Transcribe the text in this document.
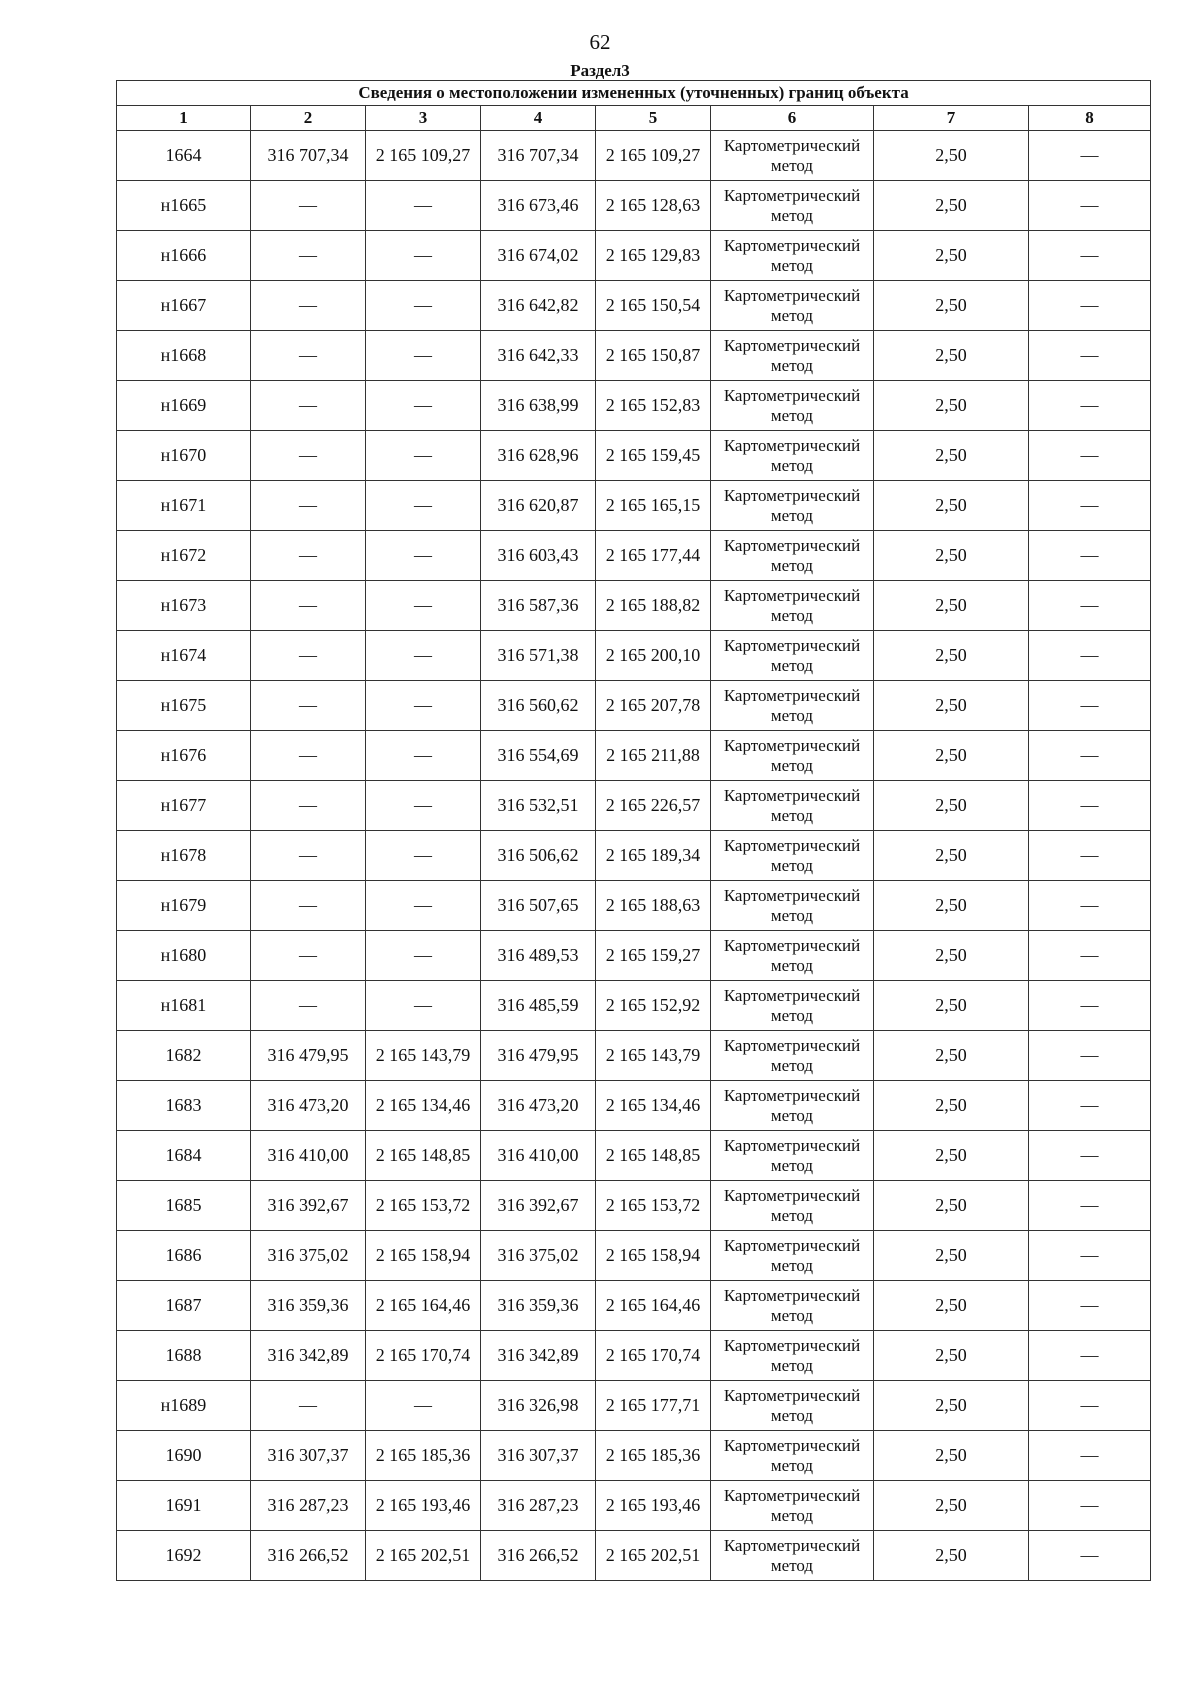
62
Раздел3
Сведения о местоположении измененных (уточненных) границ объекта							
1	2	3	4	5	6	7	8
1664	316 707,34	2 165 109,27	316 707,34	2 165 109,27	Картометрический метод	2,50	—
н1665	—	—	316 673,46	2 165 128,63	Картометрический метод	2,50	—
н1666	—	—	316 674,02	2 165 129,83	Картометрический метод	2,50	—
н1667	—	—	316 642,82	2 165 150,54	Картометрический метод	2,50	—
н1668	—	—	316 642,33	2 165 150,87	Картометрический метод	2,50	—
н1669	—	—	316 638,99	2 165 152,83	Картометрический метод	2,50	—
н1670	—	—	316 628,96	2 165 159,45	Картометрический метод	2,50	—
н1671	—	—	316 620,87	2 165 165,15	Картометрический метод	2,50	—
н1672	—	—	316 603,43	2 165 177,44	Картометрический метод	2,50	—
н1673	—	—	316 587,36	2 165 188,82	Картометрический метод	2,50	—
н1674	—	—	316 571,38	2 165 200,10	Картометрический метод	2,50	—
н1675	—	—	316 560,62	2 165 207,78	Картометрический метод	2,50	—
н1676	—	—	316 554,69	2 165 211,88	Картометрический метод	2,50	—
н1677	—	—	316 532,51	2 165 226,57	Картометрический метод	2,50	—
н1678	—	—	316 506,62	2 165 189,34	Картометрический метод	2,50	—
н1679	—	—	316 507,65	2 165 188,63	Картометрический метод	2,50	—
н1680	—	—	316 489,53	2 165 159,27	Картометрический метод	2,50	—
н1681	—	—	316 485,59	2 165 152,92	Картометрический метод	2,50	—
1682	316 479,95	2 165 143,79	316 479,95	2 165 143,79	Картометрический метод	2,50	—
1683	316 473,20	2 165 134,46	316 473,20	2 165 134,46	Картометрический метод	2,50	—
1684	316 410,00	2 165 148,85	316 410,00	2 165 148,85	Картометрический метод	2,50	—
1685	316 392,67	2 165 153,72	316 392,67	2 165 153,72	Картометрический метод	2,50	—
1686	316 375,02	2 165 158,94	316 375,02	2 165 158,94	Картометрический метод	2,50	—
1687	316 359,36	2 165 164,46	316 359,36	2 165 164,46	Картометрический метод	2,50	—
1688	316 342,89	2 165 170,74	316 342,89	2 165 170,74	Картометрический метод	2,50	—
н1689	—	—	316 326,98	2 165 177,71	Картометрический метод	2,50	—
1690	316 307,37	2 165 185,36	316 307,37	2 165 185,36	Картометрический метод	2,50	—
1691	316 287,23	2 165 193,46	316 287,23	2 165 193,46	Картометрический метод	2,50	—
1692	316 266,52	2 165 202,51	316 266,52	2 165 202,51	Картометрический метод	2,50	—
